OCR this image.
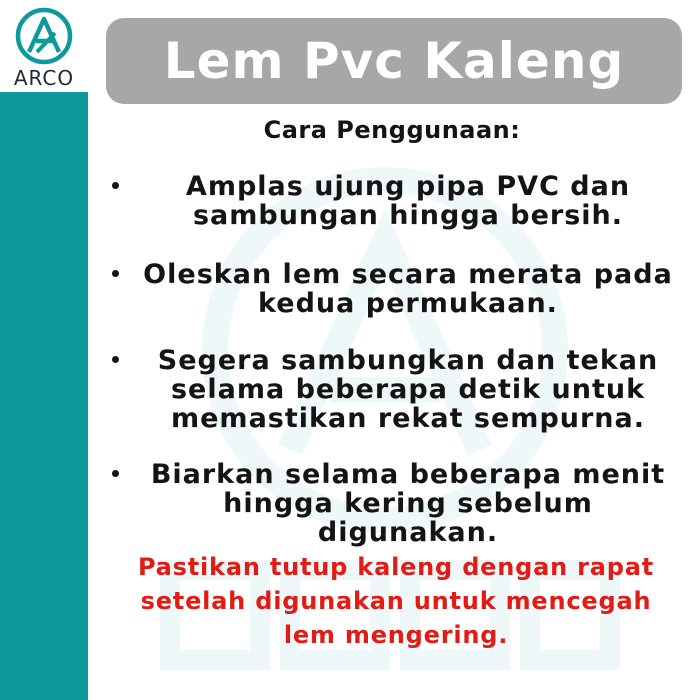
ARCO Lem Pvc Kaleng
Cara Penggunaan:
Amplas ujung pipa PVC dan
sambungan hingga bersih.
Oleskan lem secara merata pada
kedua permukaan.
Segera sambungkan dan tekan
selama beberapa detik untuk
memastikan rekat sempurna.
Biarkan selama beberapa menit
hingga kering sebelum digunakan.
Pastikan tutup kaleng dengan rapat
setelah digunakan untuk mencegah
lem mengering.
